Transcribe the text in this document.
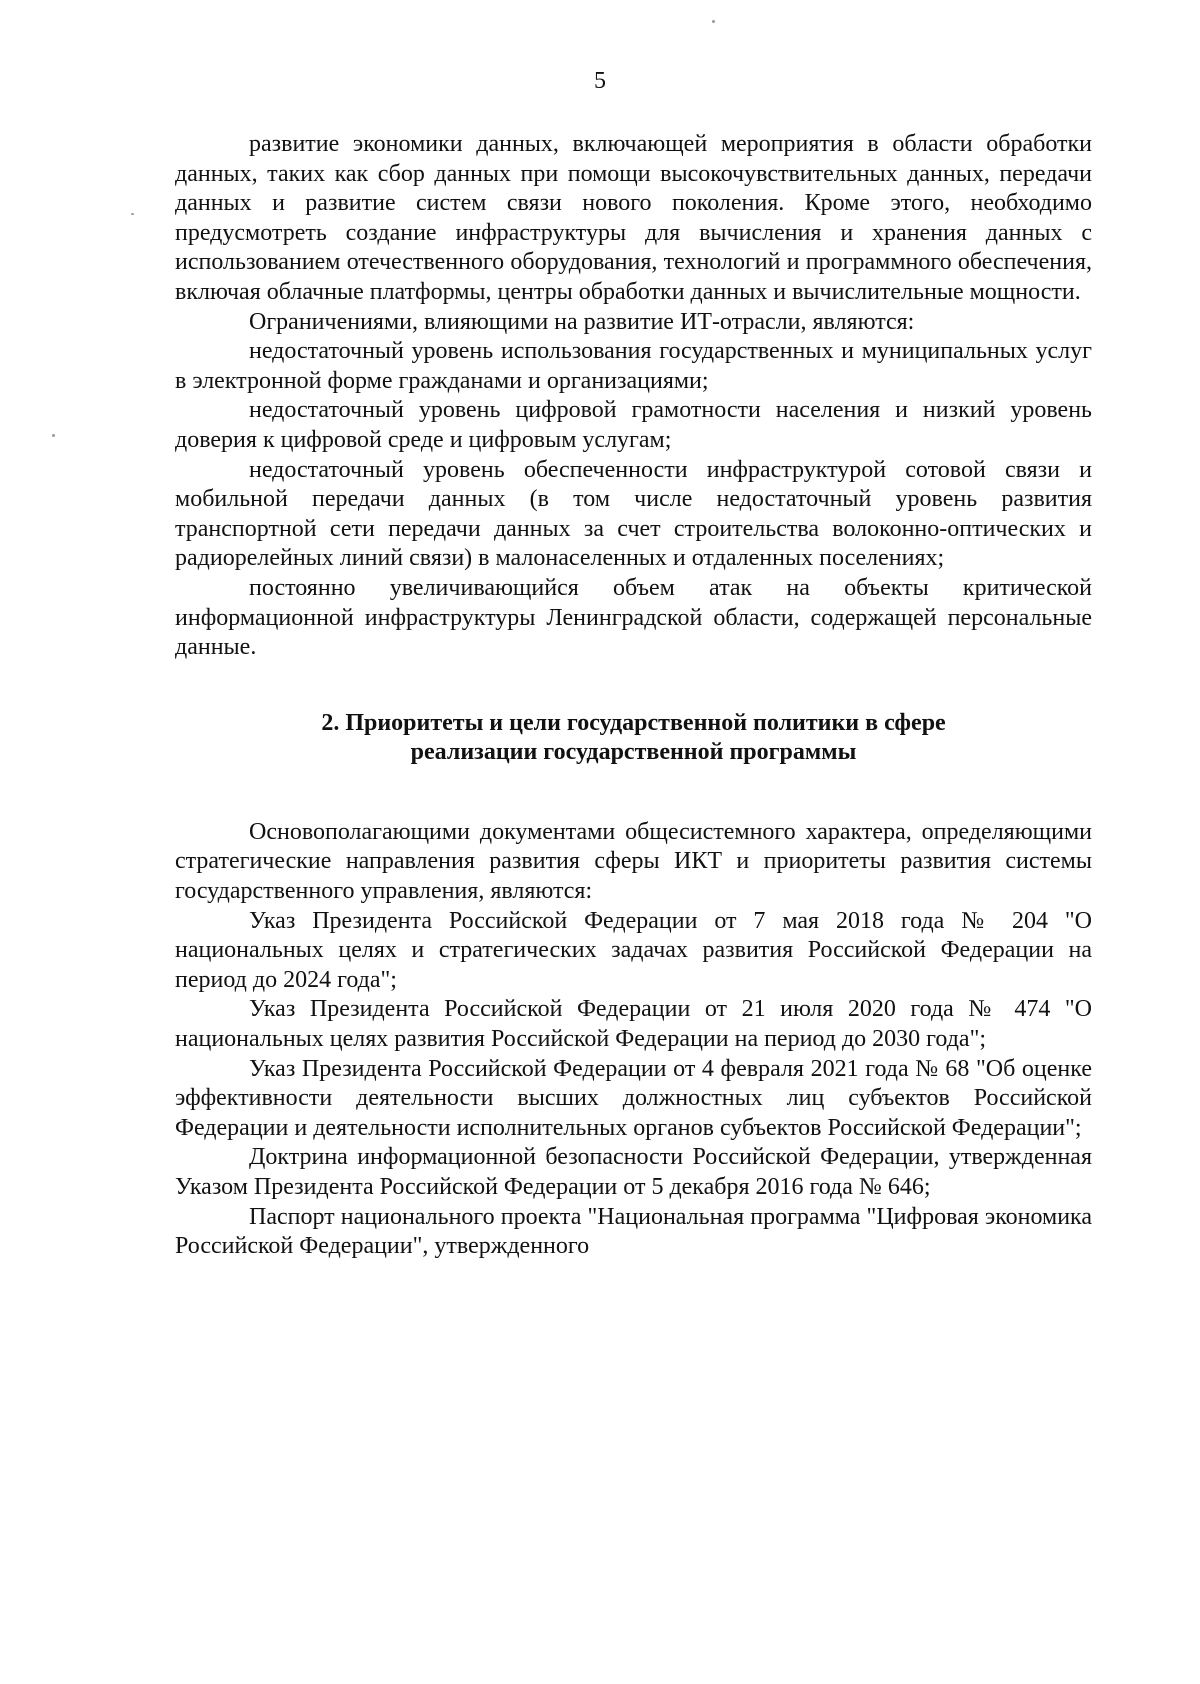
5

развитие экономики данных, включающей мероприятия в области обработки данных, таких как сбор данных при помощи высокочувствительных данных, передачи данных и развитие систем связи нового поколения. Кроме этого, необходимо предусмотреть создание инфраструктуры для вычисления и хранения данных с использованием отечественного оборудования, технологий и программного обеспечения, включая облачные платформы, центры обработки данных и вычислительные мощности.

Ограничениями, влияющими на развитие ИТ-отрасли, являются:

недостаточный уровень использования государственных и муниципальных услуг в электронной форме гражданами и организациями;

недостаточный уровень цифровой грамотности населения и низкий уровень доверия к цифровой среде и цифровым услугам;

недостаточный уровень обеспеченности инфраструктурой сотовой связи и мобильной передачи данных (в том числе недостаточный уровень развития транспортной сети передачи данных за счет строительства волоконно-оптических и радиорелейных линий связи) в малонаселенных и отдаленных поселениях;

постоянно увеличивающийся объем атак на объекты критической информационной инфраструктуры Ленинградской области, содержащей персональные данные.

2. Приоритеты и цели государственной политики в сфере
реализации государственной программы

Основополагающими документами общесистемного характера, определяющими стратегические направления развития сферы ИКТ и приоритеты развития системы государственного управления, являются:

Указ Президента Российской Федерации от 7 мая 2018 года № 204 "О национальных целях и стратегических задачах развития Российской Федерации на период до 2024 года";

Указ Президента Российской Федерации от 21 июля 2020 года № 474 "О национальных целях развития Российской Федерации на период до 2030 года";

Указ Президента Российской Федерации от 4 февраля 2021 года № 68 "Об оценке эффективности деятельности высших должностных лиц субъектов Российской Федерации и деятельности исполнительных органов субъектов Российской Федерации";

Доктрина информационной безопасности Российской Федерации, утвержденная Указом Президента Российской Федерации от 5 декабря 2016 года № 646;

Паспорт национального проекта "Национальная программа "Цифровая экономика Российской Федерации", утвержденного
